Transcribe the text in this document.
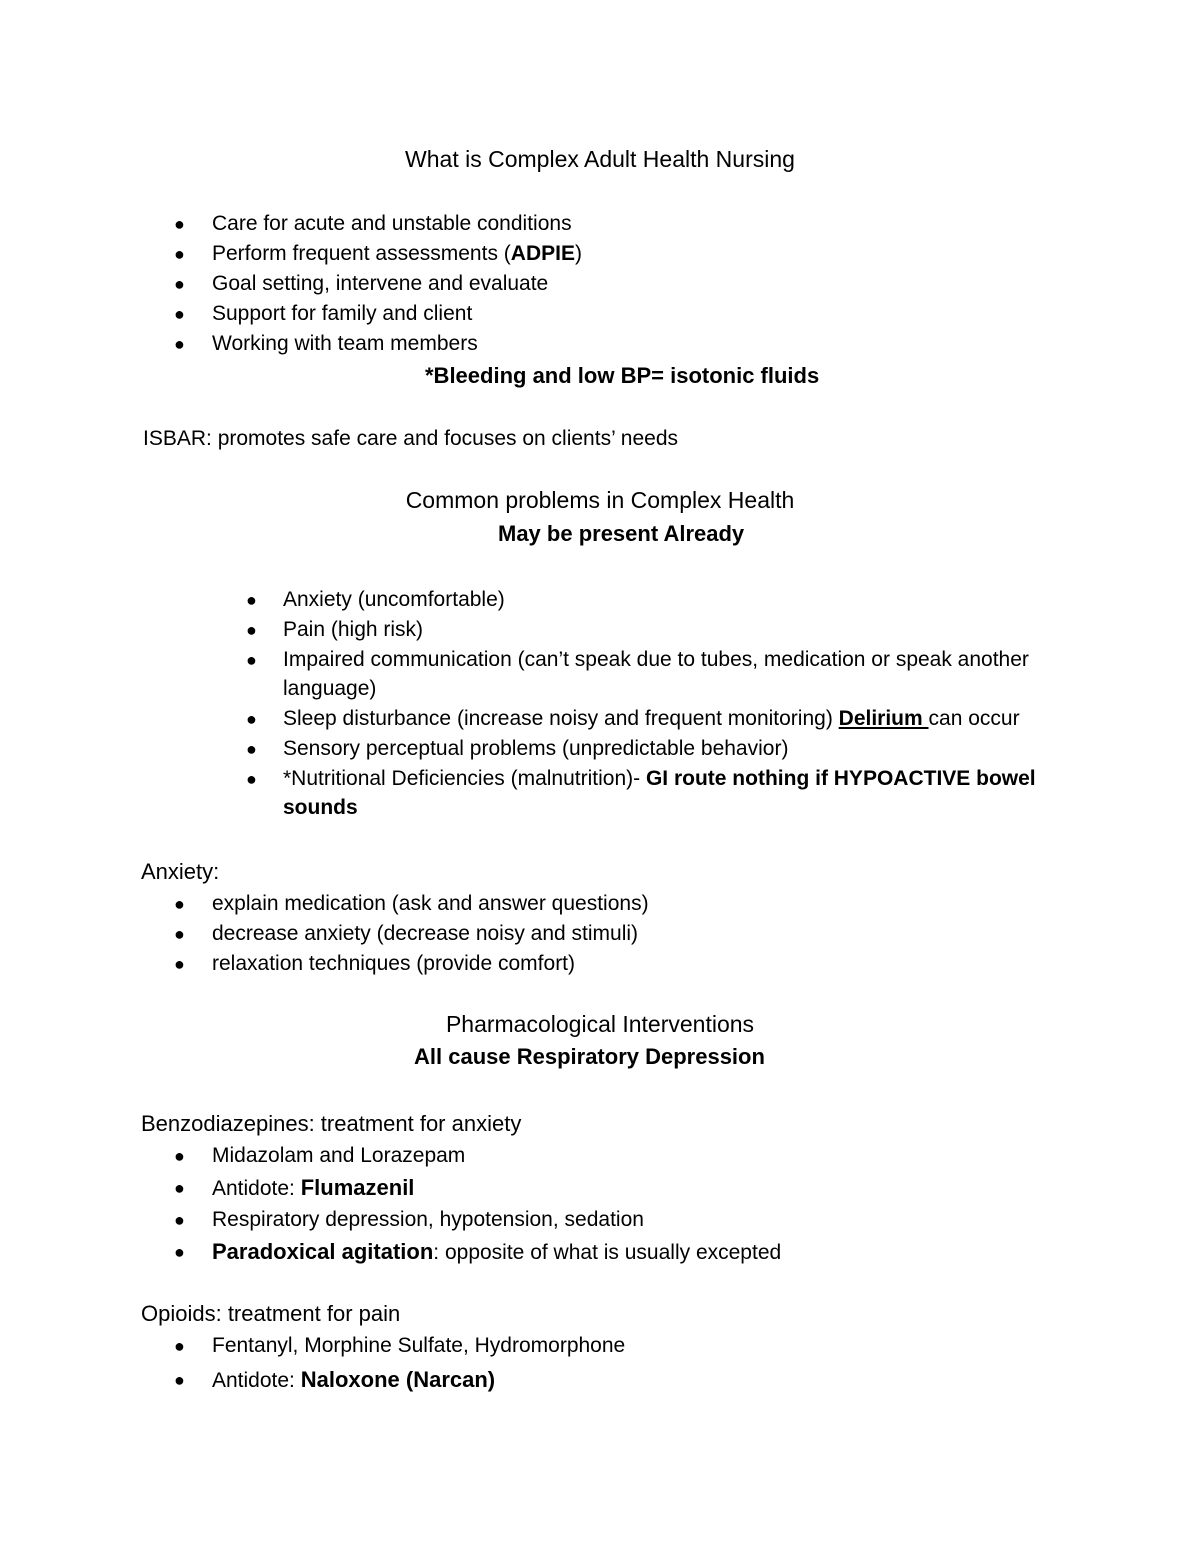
What is Complex Adult Health Nursing
●
Care for acute and unstable conditions
●
Perform frequent assessments (ADPIE)
●
Goal setting, intervene and evaluate
●
Support for family and client
●
Working with team members
*Bleeding and low BP= isotonic fluids
ISBAR: promotes safe care and focuses on clients’ needs
Common problems in Complex Health
May be present Already
●
Anxiety (uncomfortable)
●
Pain (high risk)
●
Impaired communication (can’t speak due to tubes, medication or speak another
language)
●
Sleep disturbance (increase noisy and frequent monitoring) Delirium can occur
●
Sensory perceptual problems (unpredictable behavior)
●
*Nutritional Deficiencies (malnutrition)- GI route nothing if HYPOACTIVE bowel
sounds
Anxiety:
●
explain medication (ask and answer questions)
●
decrease anxiety (decrease noisy and stimuli)
●
relaxation techniques (provide comfort)
Pharmacological Interventions
All cause Respiratory Depression
Benzodiazepines: treatment for anxiety
●
Midazolam and Lorazepam
●
Antidote: Flumazenil
●
Respiratory depression, hypotension, sedation
●
Paradoxical agitation: opposite of what is usually excepted
Opioids: treatment for pain
●
Fentanyl, Morphine Sulfate, Hydromorphone
●
Antidote: Naloxone (Narcan)
